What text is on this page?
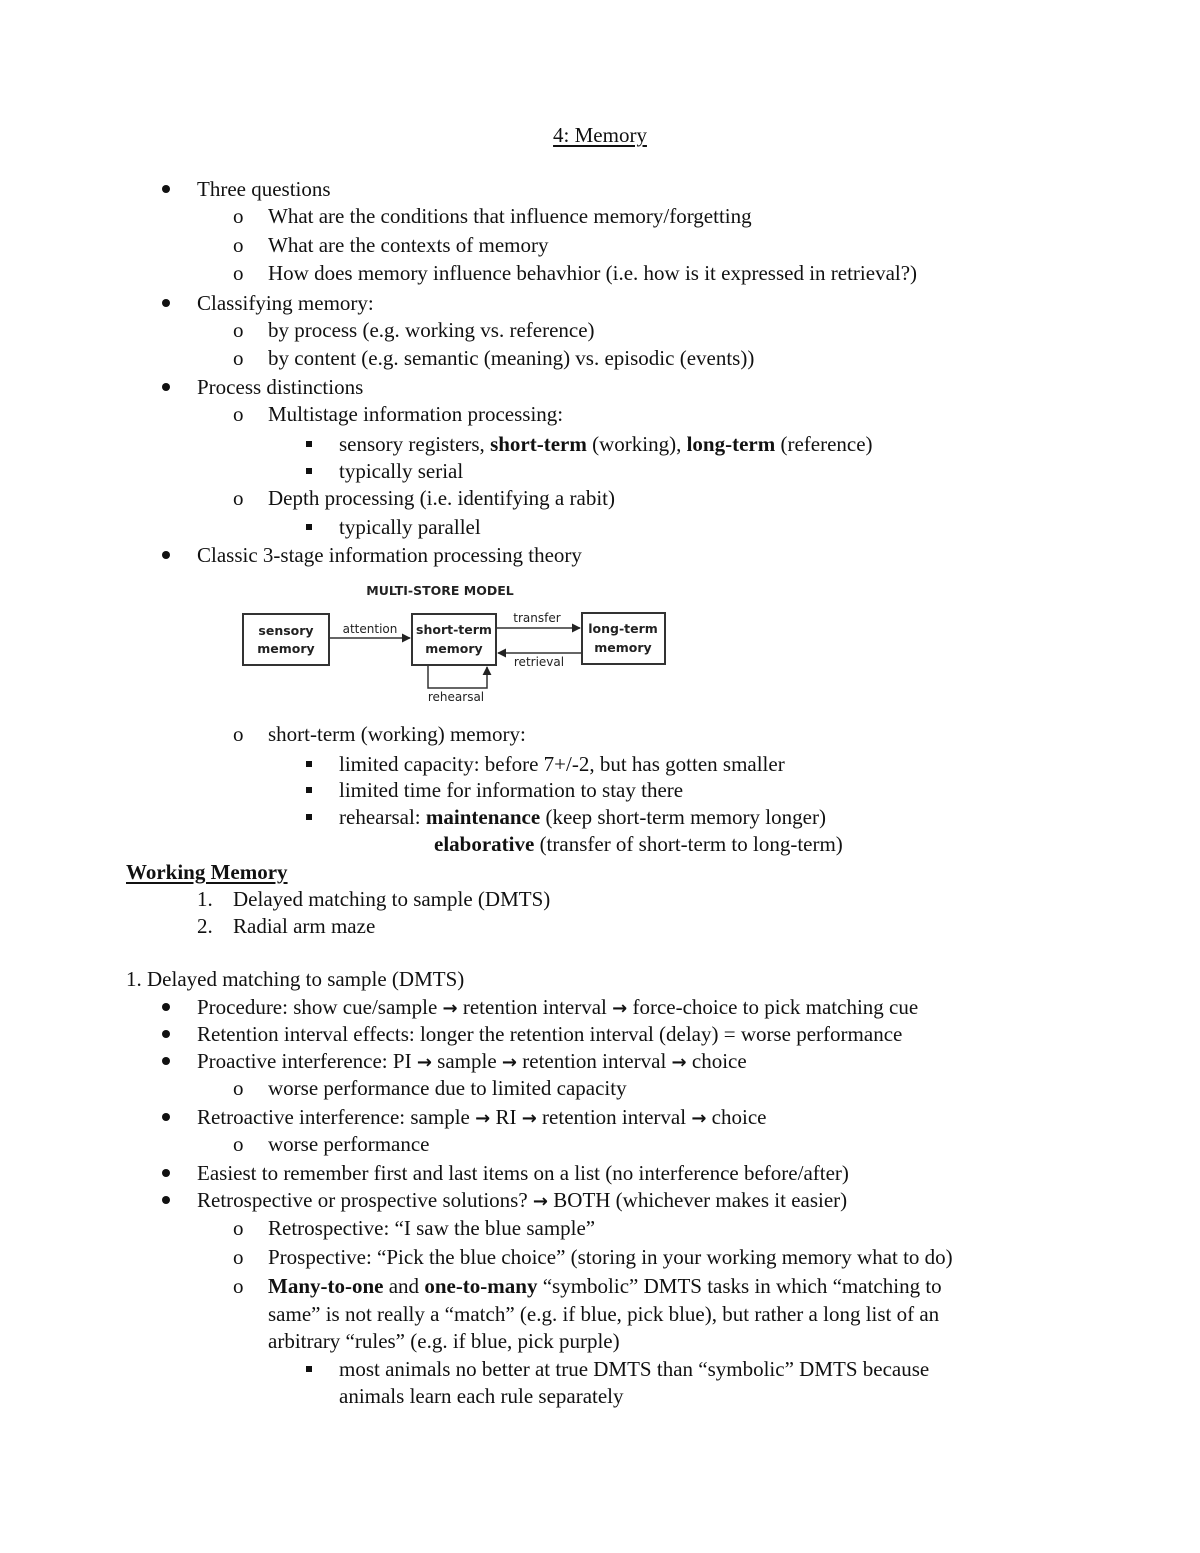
4: Memory
Three questions
o What are the conditions that influence memory/forgetting
o What are the contexts of memory
o How does memory influence behavhior (i.e. how is it expressed in retrieval?)
Classifying memory:
o by process (e.g. working vs. reference)
o by content (e.g. semantic (meaning) vs. episodic (events))
Process distinctions
o Multistage information processing:
sensory registers, short-term (working), long-term (reference)
typically serial
o Depth processing (i.e. identifying a rabit)
typically parallel
Classic 3-stage information processing theory
MULTI-STORE MODEL
sensory
memory
short-term
memory
long-term
memory
attention
transfer
retrieval
rehearsal
o short-term (working) memory:
limited capacity: before 7+/-2, but has gotten smaller
limited time for information to stay there
rehearsal: maintenance (keep short-term memory longer)
elaborative (transfer of short-term to long-term)
Working Memory
1. Delayed matching to sample (DMTS)
2. Radial arm maze
1. Delayed matching to sample (DMTS)
Procedure: show cue/sample → retention interval → force-choice to pick matching cue
Retention interval effects: longer the retention interval (delay) = worse performance
Proactive interference: PI → sample → retention interval → choice
o worse performance due to limited capacity
Retroactive interference: sample → RI → retention interval → choice
o worse performance
Easiest to remember first and last items on a list (no interference before/after)
Retrospective or prospective solutions? → BOTH (whichever makes it easier)
o Retrospective: “I saw the blue sample”
o Prospective: “Pick the blue choice” (storing in your working memory what to do)
o Many-to-one and one-to-many “symbolic” DMTS tasks in which “matching to
same” is not really a “match” (e.g. if blue, pick blue), but rather a long list of an
arbitrary “rules” (e.g. if blue, pick purple)
most animals no better at true DMTS than “symbolic” DMTS because
animals learn each rule separately
